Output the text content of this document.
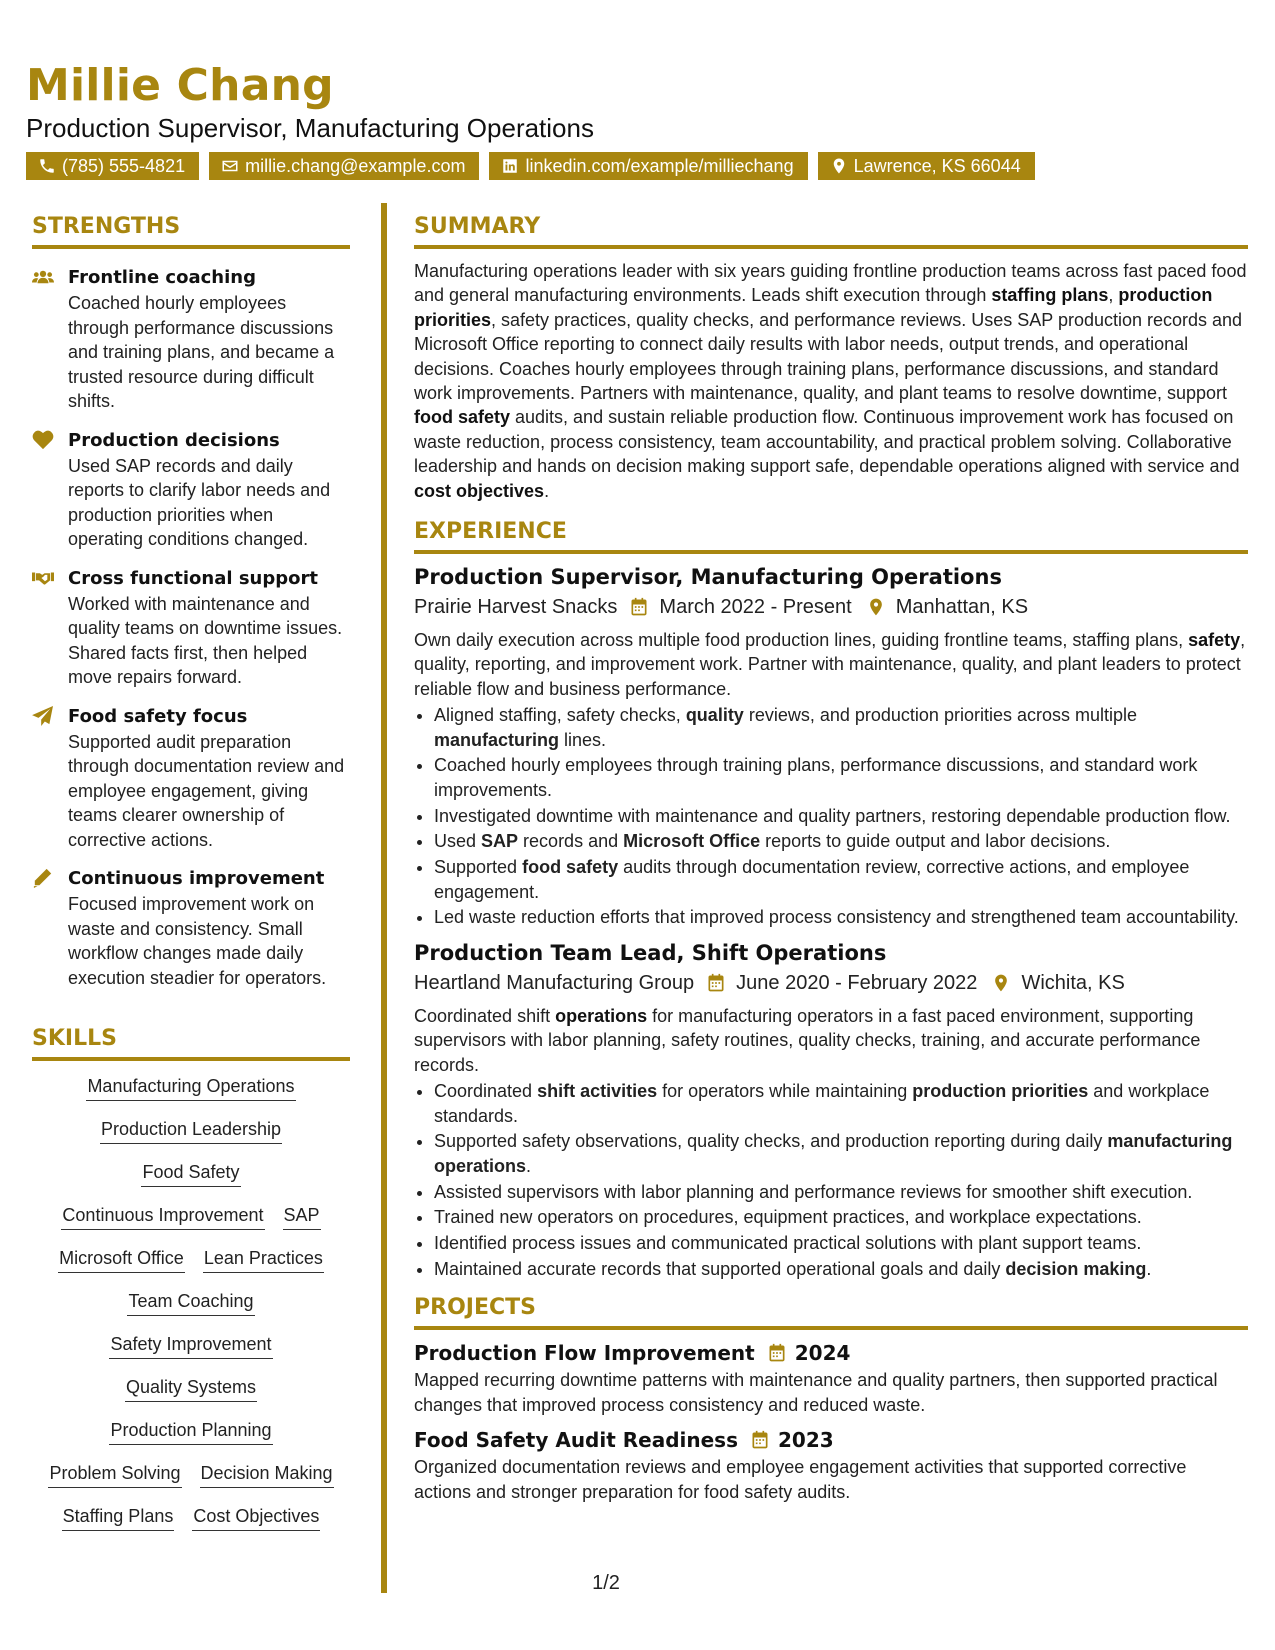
Millie Chang
Production Supervisor, Manufacturing Operations
(785) 555-4821	millie.chang@example.com	linkedin.com/example/milliechang	Lawrence, KS 66044
STRENGTHS
Frontline coaching
Coached hourly employees through performance discussions and training plans, and became a trusted resource during difficult shifts.
Production decisions
Used SAP records and daily reports to clarify labor needs and production priorities when operating conditions changed.
Cross functional support
Worked with maintenance and quality teams on downtime issues. Shared facts first, then helped move repairs forward.
Food safety focus
Supported audit preparation through documentation review and employee engagement, giving teams clearer ownership of corrective actions.
Continuous improvement
Focused improvement work on waste and consistency. Small workflow changes made daily execution steadier for operators.
SKILLS
Manufacturing Operations
Production Leadership
Food Safety
Continuous Improvement SAP
Microsoft Office Lean Practices
Team Coaching
Safety Improvement
Quality Systems
Production Planning
Problem Solving Decision Making
Staffing Plans Cost Objectives
SUMMARY
Manufacturing operations leader with six years guiding frontline production teams across fast paced food and general manufacturing environments. Leads shift execution through staffing plans, production priorities, safety practices, quality checks, and performance reviews. Uses SAP production records and Microsoft Office reporting to connect daily results with labor needs, output trends, and operational decisions. Coaches hourly employees through training plans, performance discussions, and standard work improvements. Partners with maintenance, quality, and plant teams to resolve downtime, support food safety audits, and sustain reliable production flow. Continuous improvement work has focused on waste reduction, process consistency, team accountability, and practical problem solving. Collaborative leadership and hands on decision making support safe, dependable operations aligned with service and cost objectives.
EXPERIENCE
Production Supervisor, Manufacturing Operations
Prairie Harvest Snacks March 2022 - Present Manhattan, KS
Own daily execution across multiple food production lines, guiding frontline teams, staffing plans, safety, quality, reporting, and improvement work. Partner with maintenance, quality, and plant leaders to protect reliable flow and business performance.
• Aligned staffing, safety checks, quality reviews, and production priorities across multiple manufacturing lines.
• Coached hourly employees through training plans, performance discussions, and standard work improvements.
• Investigated downtime with maintenance and quality partners, restoring dependable production flow.
• Used SAP records and Microsoft Office reports to guide output and labor decisions.
• Supported food safety audits through documentation review, corrective actions, and employee engagement.
• Led waste reduction efforts that improved process consistency and strengthened team accountability.
Production Team Lead, Shift Operations
Heartland Manufacturing Group June 2020 - February 2022 Wichita, KS
Coordinated shift operations for manufacturing operators in a fast paced environment, supporting supervisors with labor planning, safety routines, quality checks, training, and accurate performance records.
• Coordinated shift activities for operators while maintaining production priorities and workplace standards.
• Supported safety observations, quality checks, and production reporting during daily manufacturing operations.
• Assisted supervisors with labor planning and performance reviews for smoother shift execution.
• Trained new operators on procedures, equipment practices, and workplace expectations.
• Identified process issues and communicated practical solutions with plant support teams.
• Maintained accurate records that supported operational goals and daily decision making.
PROJECTS
Production Flow Improvement 2024
Mapped recurring downtime patterns with maintenance and quality partners, then supported practical changes that improved process consistency and reduced waste.
Food Safety Audit Readiness 2023
Organized documentation reviews and employee engagement activities that supported corrective actions and stronger preparation for food safety audits.
1/2
